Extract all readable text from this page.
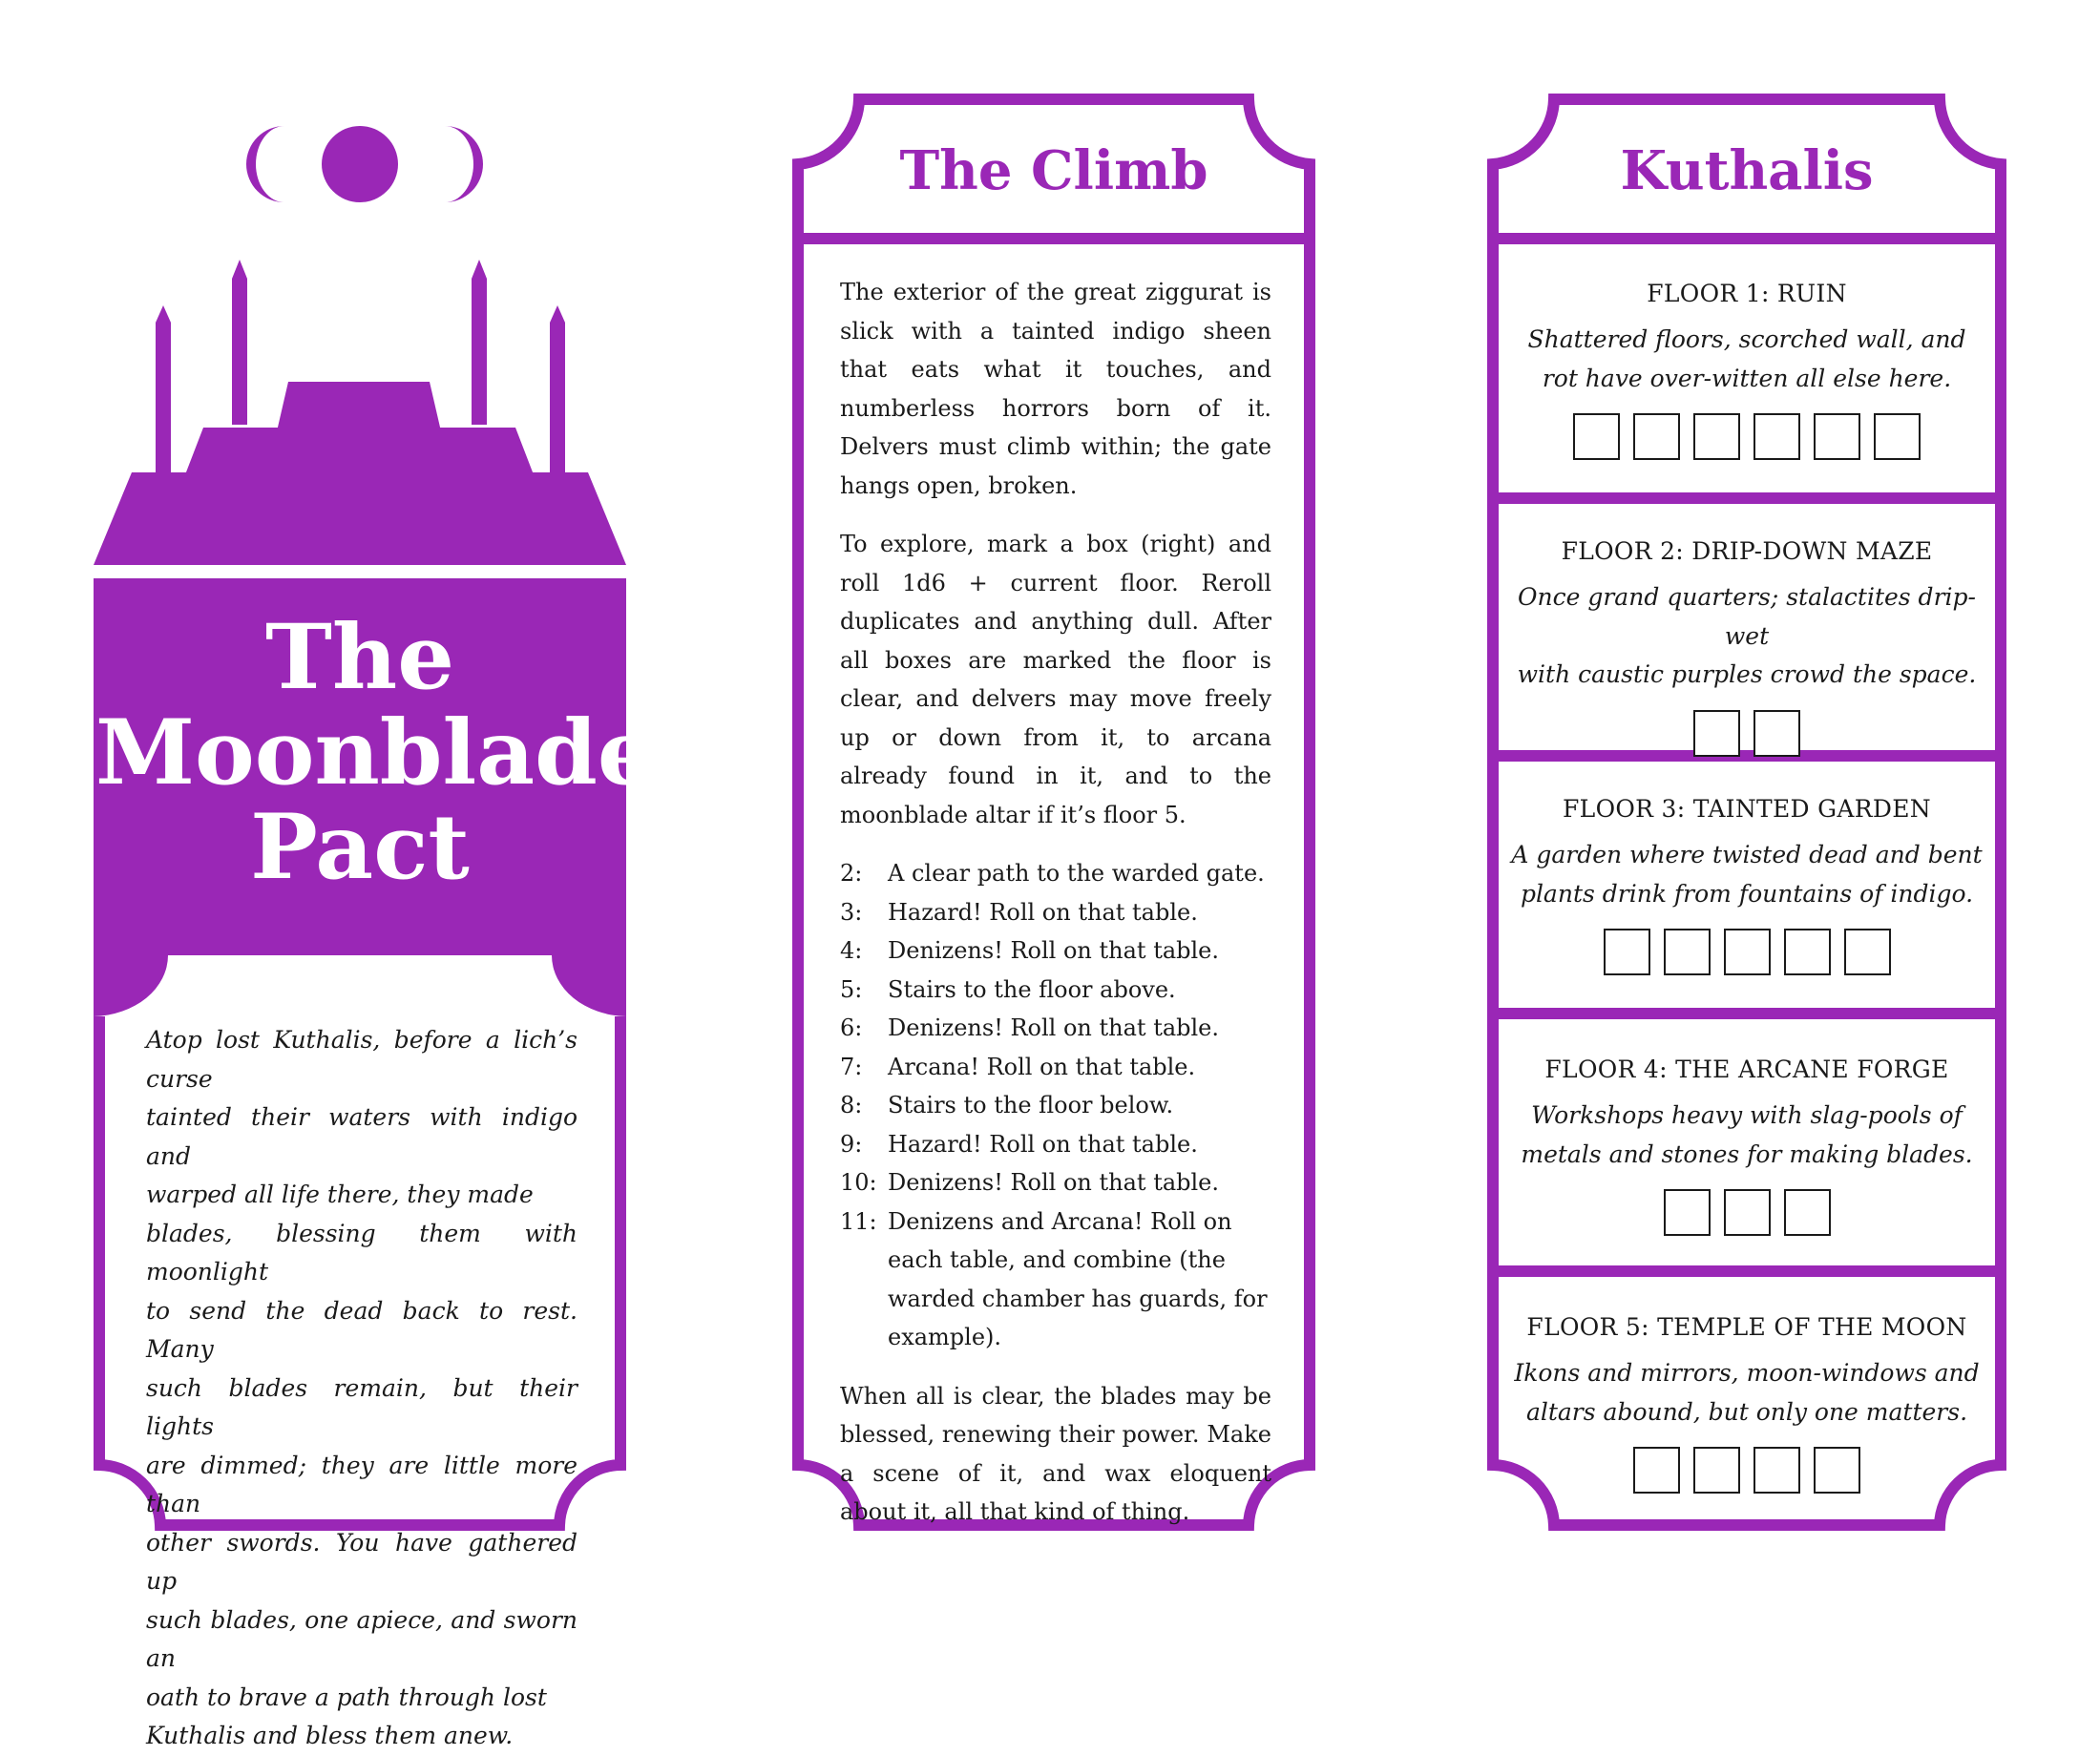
The
Moonblade
Pact
Atop lost Kuthalis, before a lich’s curse
tainted their waters with indigo and
warped all life there, they made
blades, blessing them with moonlight
to send the dead back to rest. Many
such blades remain, but their lights
are dimmed; they are little more than
other swords. You have gathered up
such blades, one apiece, and sworn an
oath to brave a path through lost
Kuthalis and bless them anew.
The Climb

The exterior of the great ziggurat is slick with a tainted indigo sheen that eats what it touches, and numberless horrors born of it. Delvers must climb within; the gate hangs open, broken.

To explore, mark a box (right) and roll 1d6 + current floor. Reroll duplicates and anything dull. After all boxes are marked the floor is clear, and delvers may move freely up or down from it, to arcana already found in it, and to the moonblade altar if it’s floor 5.

2:	A clear path to the warded gate.
3:	Hazard! Roll on that table.
4:	Denizens! Roll on that table.
5:	Stairs to the floor above.
6:	Denizens! Roll on that table.
7:	Arcana! Roll on that table.
8:	Stairs to the floor below.
9:	Hazard! Roll on that table.
10: Denizens! Roll on that table.
11: Denizens and Arcana! Roll on each table, and combine (the warded chamber has guards, for example).

When all is clear, the blades may be blessed, renewing their power. Make a scene of it, and wax eloquent about it, all that kind of thing.

Kuthalis
FLOOR 1: RUIN
Shattered floors, scorched wall, and
rot have over-witten all else here.
FLOOR 2: DRIP-DOWN MAZE
Once grand quarters; stalactites drip-wet
with caustic purples crowd the space.
FLOOR 3: TAINTED GARDEN
A garden where twisted dead and bent
plants drink from fountains of indigo.
FLOOR 4: THE ARCANE FORGE
Workshops heavy with slag-pools of
metals and stones for making blades.
FLOOR 5: TEMPLE OF THE MOON
Ikons and mirrors, moon-windows and
altars abound, but only one matters.
